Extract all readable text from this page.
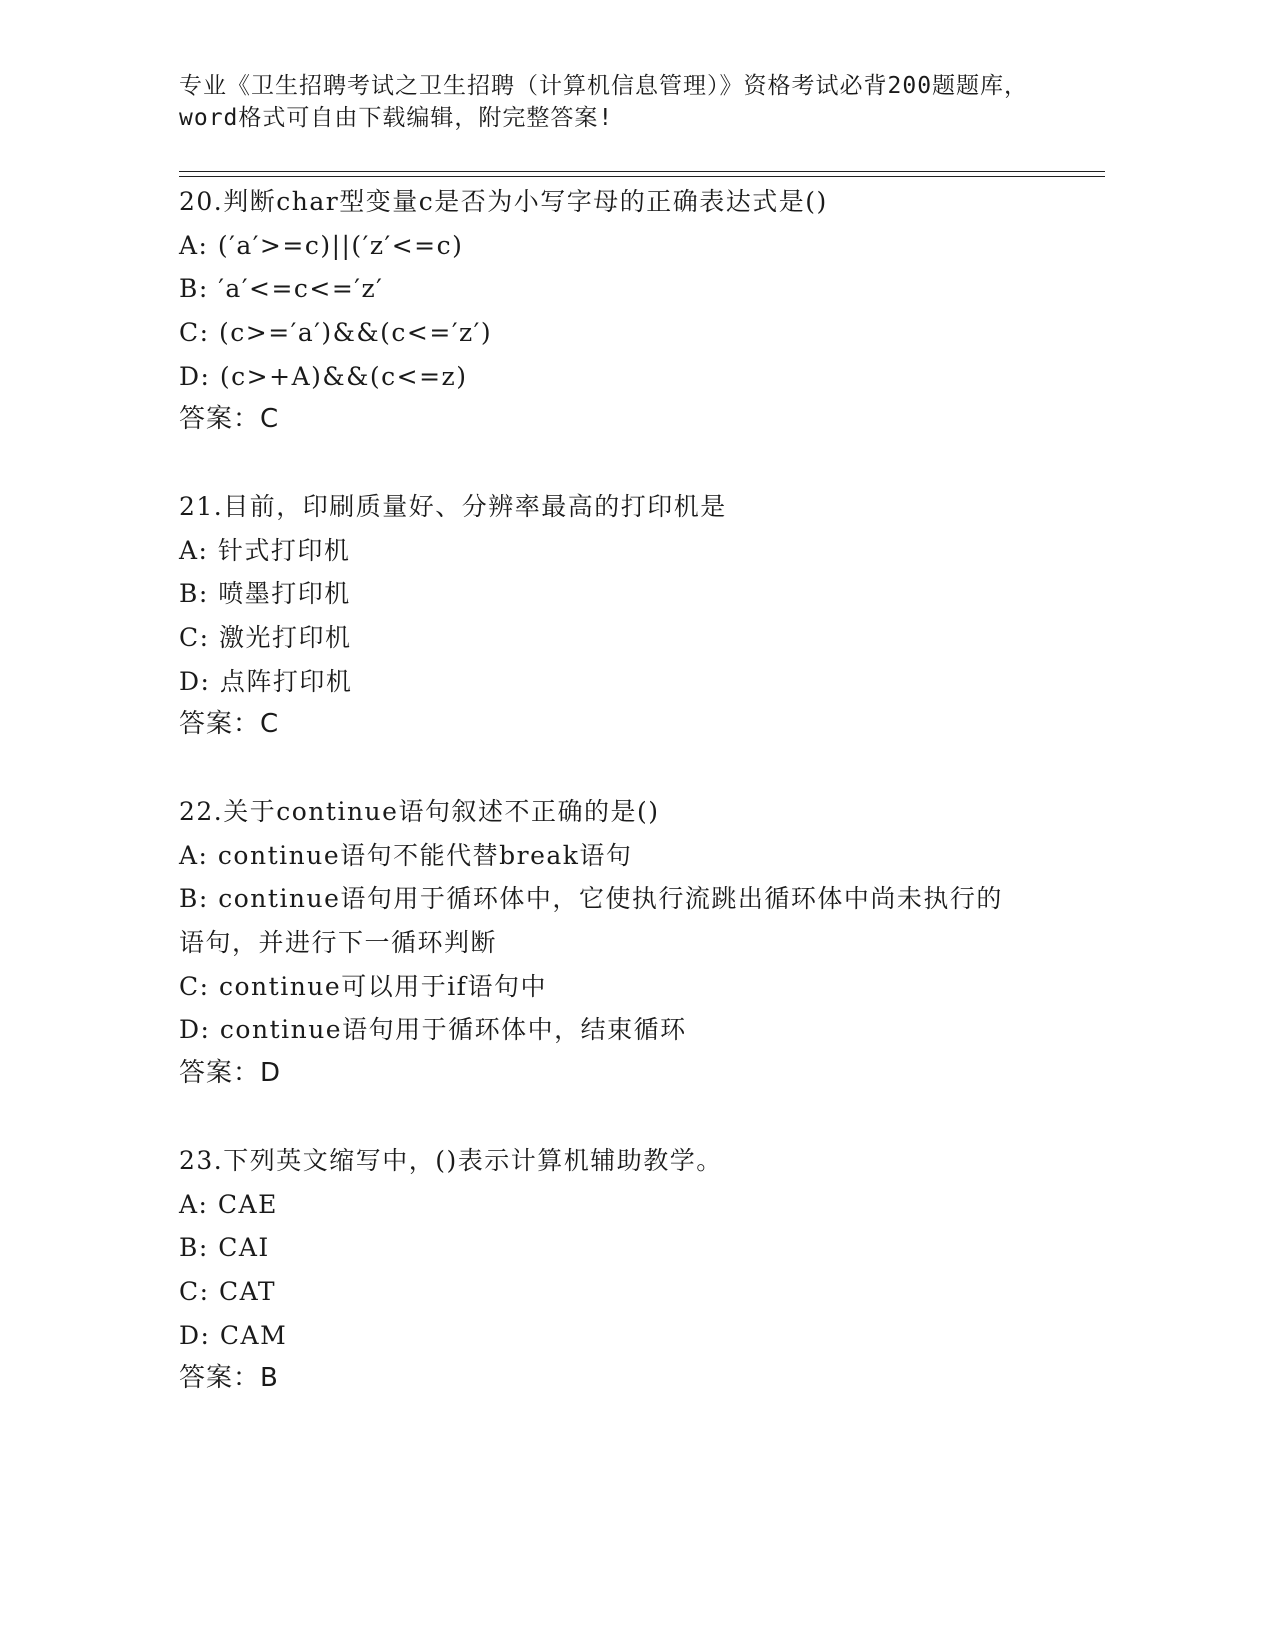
专业《卫生招聘考试之卫生招聘（计算机信息管理）》资格考试必背200题题库，
word格式可自由下载编辑，附完整答案!
20.判断char型变量c是否为小写字母的正确表达式是()
A: (′a′>=c)||(′z′<=c)
B: ′a′<=c<=′z′
C: (c>=′a′)&&(c<=′z′)
D: (c>+A)&&(c<=z)
答案：C
21.目前，印刷质量好、分辨率最高的打印机是
A: 针式打印机
B: 喷墨打印机
C: 激光打印机
D: 点阵打印机
答案：C
22.关于continue语句叙述不正确的是()
A: continue语句不能代替break语句
B: continue语句用于循环体中，它使执行流跳出循环体中尚未执行的
语句，并进行下一循环判断
C: continue可以用于if语句中
D: continue语句用于循环体中，结束循环
答案：D
23.下列英文缩写中，()表示计算机辅助教学。
A: CAE
B: CAI
C: CAT
D: CAM
答案：B
